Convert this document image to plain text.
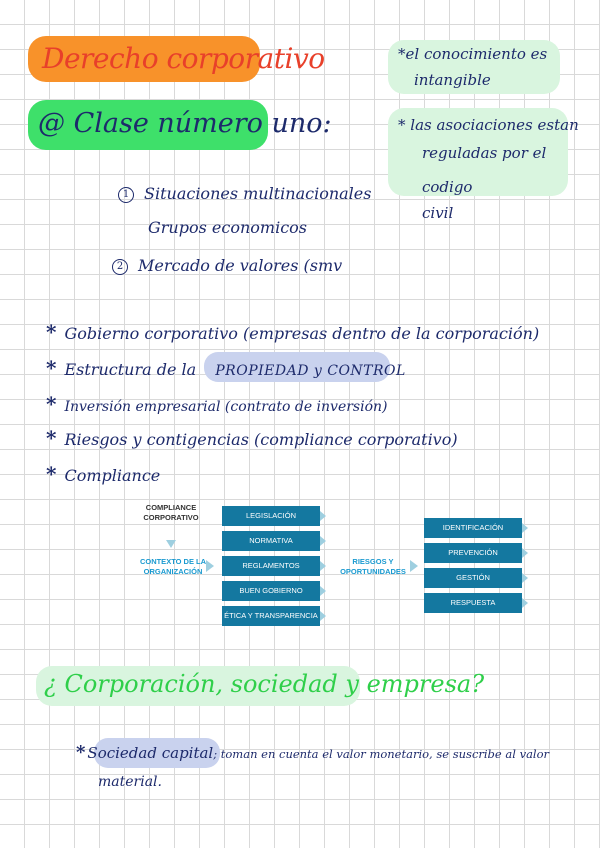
Derecho corporativo
@ Clase número uno:
*el conocimiento es
intangible
* las asociaciones estan
reguladas por el codigo
civil
1 Situaciones multinacionales
Grupos economicos
2 Mercado de valores (smv
* Gobierno corporativo (empresas dentro de la corporación)
* Estructura de la PROPIEDAD y CONTROL
* Inversión empresarial (contrato de inversión)
* Riesgos y contigencias (compliance corporativo)
* Compliance
COMPLIANCE CORPORATIVO
CONTEXTO DE LA ORGANIZACIÓN
LEGISLACIÓN
NORMATIVA
REGLAMENTOS
BUEN GOBIERNO
ÉTICA Y TRANSPARENCIA
RIESGOS Y OPORTUNIDADES
IDENTIFICACIÓN
PREVENCIÓN
GESTIÓN
RESPUESTA
¿ Corporación, sociedad y empresa?
* Sociedad capital; toman en cuenta el valor monetario, se suscribe al valor
material.
